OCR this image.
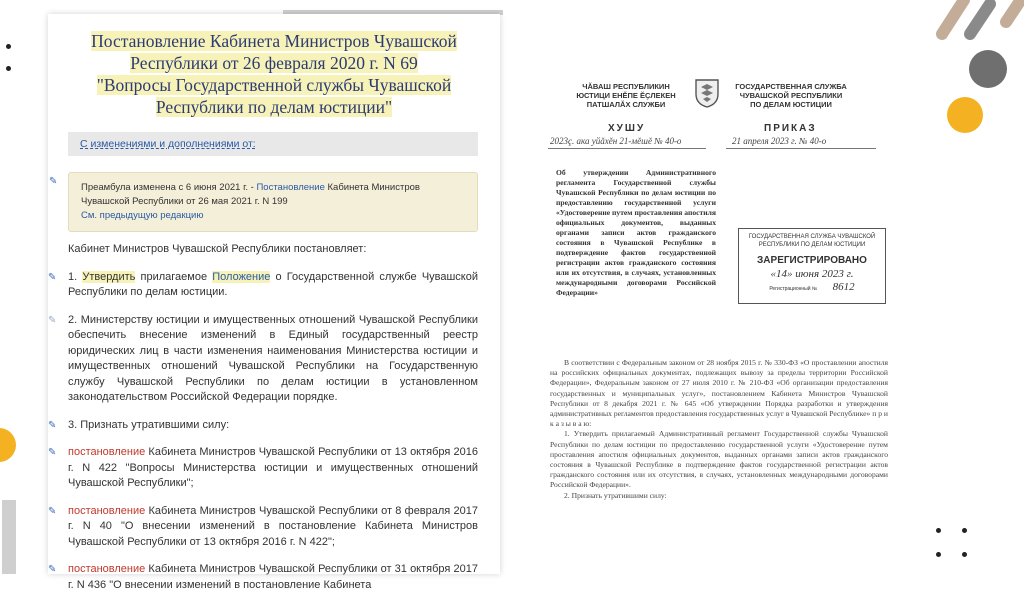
Постановление Кабинета Министров Чувашской
Республики от 26 февраля 2020 г. N 69
"Вопросы Государственной службы Чувашской
Республики по делам юстиции"
С изменениями и дополнениями от:
✎
Преамбула изменена с 6 июня 2021 г. - Постановление Кабинета Министров Чувашской Республики от 26 мая 2021 г. N 199
См. предыдущую редакцию
Кабинет Министров Чувашской Республики постановляет:
✎ 1. Утвердить прилагаемое Положение о Государственной службе Чувашской Республики по делам юстиции.
✎ 2. Министерству юстиции и имущественных отношений Чувашской Республики обеспечить внесение изменений в Единый государственный реестр юридических лиц в части изменения наименования Министерства юстиции и имущественных отношений Чувашской Республики на Государственную службу Чувашской Республики по делам юстиции в установленном законодательством Российской Федерации порядке.
✎ 3. Признать утратившими силу:
✎ постановление Кабинета Министров Чувашской Республики от 13 октября 2016 г. N 422 "Вопросы Министерства юстиции и имущественных отношений Чувашской Республики";
✎ постановление Кабинета Министров Чувашской Республики от 8 февраля 2017 г. N 40 "О внесении изменений в постановление Кабинета Министров Чувашской Республики от 13 октября 2016 г. N 422";
✎ постановление Кабинета Министров Чувашской Республики от 31 октября 2017 г. N 436 "О внесении изменений в постановление Кабинета
ЧӐВАШ РЕСПУБЛИКИН
ЮСТИЦИ ЕНĔПЕ ĔҪЛЕКЕН
ПАТШАЛĂХ СЛУЖБИ
ГОСУДАРСТВЕННАЯ СЛУЖБА
ЧУВАШСКОЙ РЕСПУБЛИКИ
ПО ДЕЛАМ ЮСТИЦИИ
ХУШУ	ПРИКАЗ
2023ç. ака уйăхĕн 21-мĕшĕ № 40-о	21 апреля 2023 г. № 40-о
Об утверждении Административного регламента Государственной службы Чувашской Республики по делам юстиции по предоставлению государственной услуги «Удостоверение путем проставления апостиля официальных документов, выданных органами записи актов гражданского состояния в Чувашской Республике в подтверждение фактов государственной регистрации актов гражданского состояния или их отсутствия, в случаях, установленных международными договорами Российской Федерации»
ГОСУДАРСТВЕННАЯ СЛУЖБА ЧУВАШСКОЙ РЕСПУБЛИКИ ПО ДЕЛАМ ЮСТИЦИИ
ЗАРЕГИСТРИРОВАНО
«14» июня 2023 г.
Регистрационный № 8612

В соответствии с Федеральным законом от 28 ноября 2015 г. № 330-ФЗ «О проставлении апостиля на российских официальных документах, подлежащих вывозу за пределы территории Российской Федерации», Федеральным законом от 27 июля 2010 г. № 210-ФЗ «Об организации предоставления государственных и муниципальных услуг», постановлением Кабинета Министров Чувашской Республики от 8 декабря 2021 г. № 645 «Об утверждении Порядка разработки и утверждения административных регламентов предоставления государственных услуг в Чувашской Республике» п р и к а з ы в а ю:

1. Утвердить прилагаемый Административный регламент Государственной службы Чувашской Республики по делам юстиции по предоставлению государственной услуги «Удостоверение путем проставления апостиля официальных документов, выданных органами записи актов гражданского состояния в Чувашской Республике в подтверждение фактов государственной регистрации актов гражданского состояния или их отсутствия, в случаях, установленных международными договорами Российской Федерации».

2. Признать утратившими силу:
